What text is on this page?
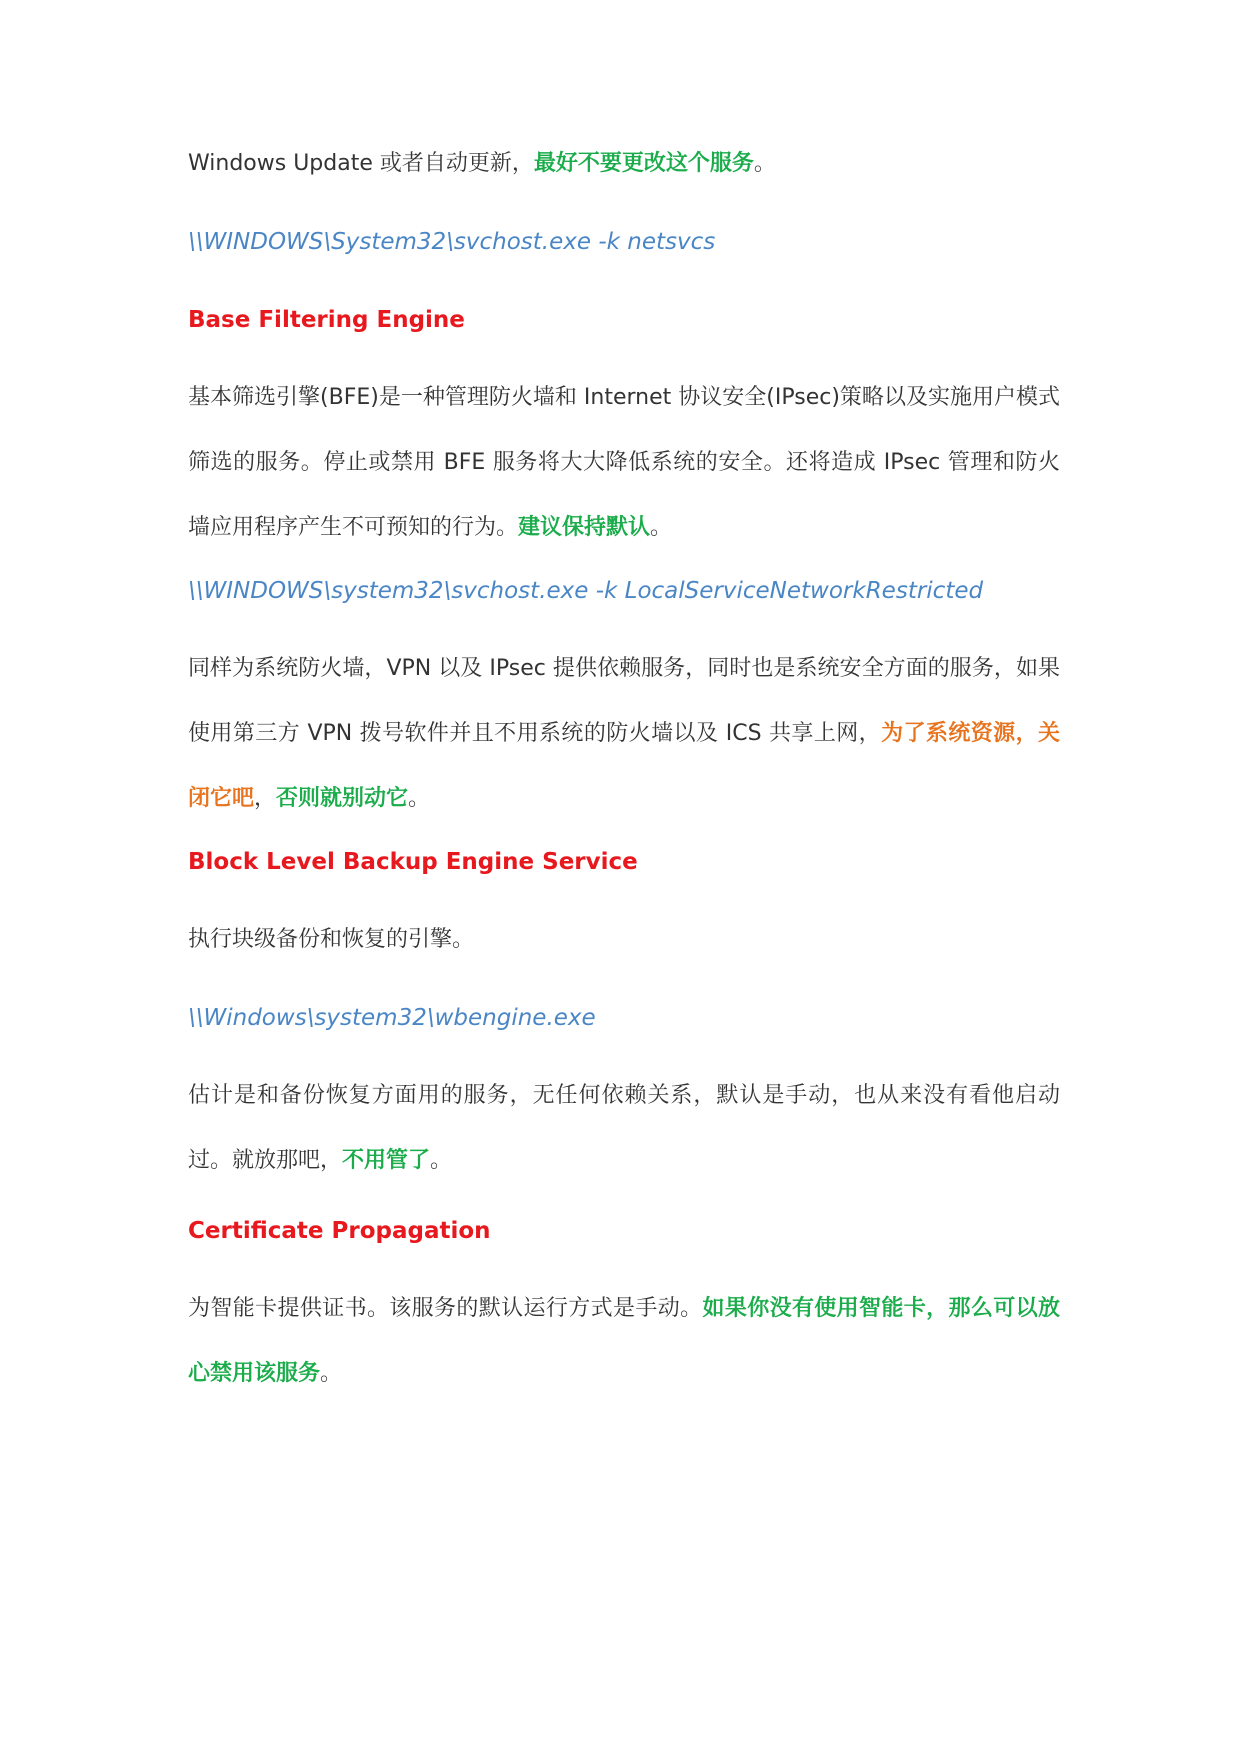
Windows Update 或者自动更新，最好不要更改这个服务。

\\WINDOWS\System32\svchost.exe -k netsvcs
Base Filtering Engine

基本筛选引擎(BFE)是一种管理防火墙和 Internet 协议安全(IPsec)策略以及实施用户模式筛选的服务。停止或禁用 BFE 服务将大大降低系统的安全。还将造成 IPsec 管理和防火墙应用程序产生不可预知的行为。建议保持默认。

\\WINDOWS\system32\svchost.exe -k LocalServiceNetworkRestricted

同样为系统防火墙，VPN 以及 IPsec 提供依赖服务，同时也是系统安全方面的服务，如果使用第三方 VPN 拨号软件并且不用系统的防火墙以及 ICS 共享上网，为了系统资源，关闭它吧，否则就别动它。

Block Level Backup Engine Service

执行块级备份和恢复的引擎。

\\Windows\system32\wbengine.exe

估计是和备份恢复方面用的服务，无任何依赖关系，默认是手动，也从来没有看他启动过。就放那吧，不用管了。

Certificate Propagation

为智能卡提供证书。该服务的默认运行方式是手动。如果你没有使用智能卡，那么可以放心禁用该服务。
